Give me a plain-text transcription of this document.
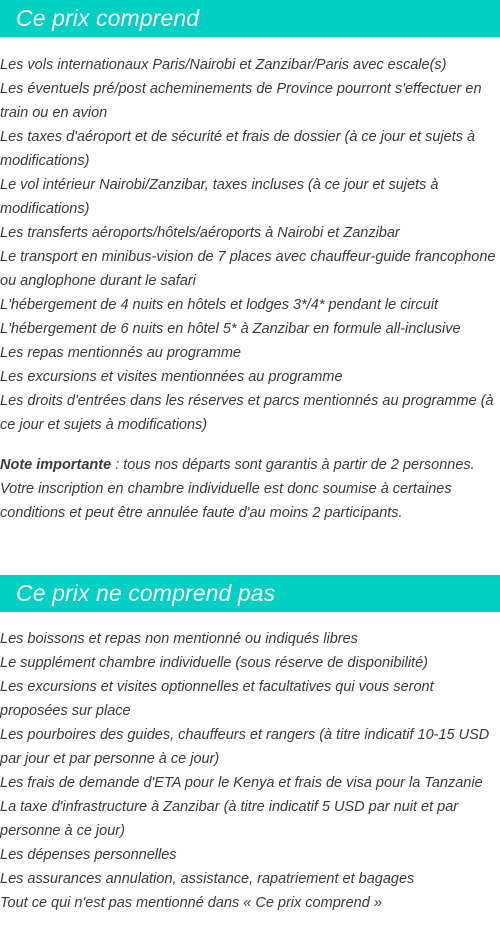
Ce prix comprend
Les vols internationaux Paris/Nairobi et Zanzibar/Paris avec escale(s)
Les éventuels pré/post acheminements de Province pourront s'effectuer en train ou en avion
Les taxes d'aéroport et de sécurité et frais de dossier (à ce jour et sujets à modifications)
Le vol intérieur Nairobi/Zanzibar, taxes incluses (à ce jour et sujets à modifications)
Les transferts aéroports/hôtels/aéroports à Nairobi et Zanzibar
Le transport en minibus-vision de 7 places avec chauffeur-guide francophone ou anglophone durant le safari
L'hébergement de 4 nuits en hôtels et lodges 3*/4* pendant le circuit
L'hébergement de 6 nuits en hôtel 5* à Zanzibar en formule all-inclusive
Les repas mentionnés au programme
Les excursions et visites mentionnées au programme
Les droits d'entrées dans les réserves et parcs mentionnés au programme (à ce jour et sujets à modifications)

Note importante : tous nos départs sont garantis à partir de 2 personnes. Votre inscription en chambre individuelle est donc soumise à certaines conditions et peut être annulée faute d'au moins 2 participants.

Ce prix ne comprend pas
Les boissons et repas non mentionné ou indiqués libres
Le supplément chambre individuelle (sous réserve de disponibilité)
Les excursions et visites optionnelles et facultatives qui vous seront proposées sur place
Les pourboires des guides, chauffeurs et rangers (à titre indicatif 10-15 USD par jour et par personne à ce jour)
Les frais de demande d'ETA pour le Kenya et frais de visa pour la Tanzanie
La taxe d'infrastructure à Zanzibar (à titre indicatif 5 USD par nuit et par personne à ce jour)
Les dépenses personnelles
Les assurances annulation, assistance, rapatriement et bagages
Tout ce qui n'est pas mentionné dans « Ce prix comprend »
